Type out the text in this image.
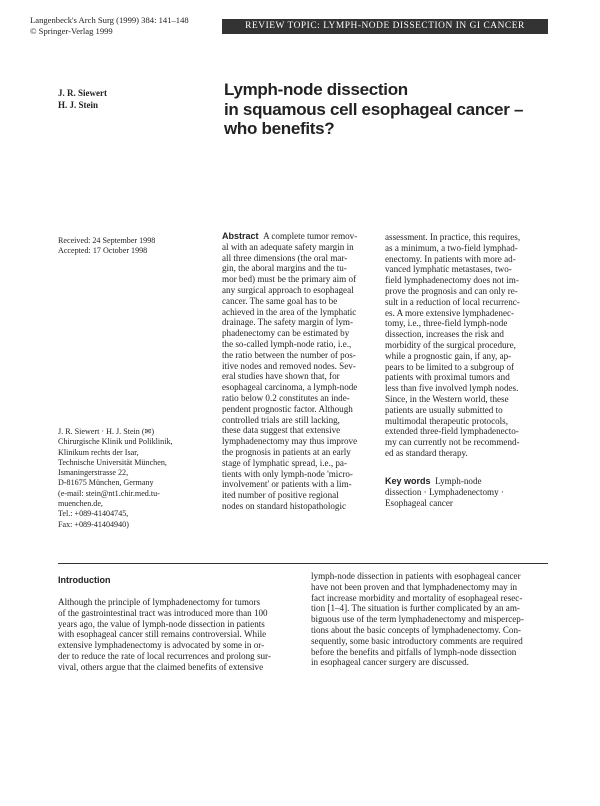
Langenbeck's Arch Surg (1999) 384: 141–148
© Springer-Verlag 1999	REVIEW TOPIC: LYMPH-NODE DISSECTION IN GI CANCER
J. R. Siewert
H. J. Stein
Lymph-node dissection
in squamous cell esophageal cancer –
who benefits?
Received: 24 September 1998
Accepted: 17 October 1998
J. R. Siewert · H. J. Stein (✉)
Chirurgische Klinik und Poliklinik,
Klinikum rechts der Isar,
Technische Universität München,
Ismaningerstrasse 22,
D-81675 München, Germany
(e-mail: stein@nt1.chir.med.tu-
muenchen.de,
Tel.: +089-41404745,
Fax: +089-41404940)
Abstract A complete tumor remov-
al with an adequate safety margin in
all three dimensions (the oral mar-
gin, the aboral margins and the tu-
mor bed) must be the primary aim of
any surgical approach to esophageal
cancer. The same goal has to be
achieved in the area of the lymphatic
drainage. The safety margin of lym-
phadenectomy can be estimated by
the so-called lymph-node ratio, i.e.,
the ratio between the number of pos-
itive nodes and removed nodes. Sev-
eral studies have shown that, for
esophageal carcinoma, a lymph-node
ratio below 0.2 constitutes an inde-
pendent prognostic factor. Although
controlled trials are still lacking,
these data suggest that extensive
lymphadenectomy may thus improve
the prognosis in patients at an early
stage of lymphatic spread, i.e., pa-
tients with only lymph-node 'micro-
involvement' or patients with a lim-
ited number of positive regional
nodes on standard histopathologic
assessment. In practice, this requires,
as a minimum, a two-field lymphad-
enectomy. In patients with more ad-
vanced lymphatic metastases, two-
field lymphadenectomy does not im-
prove the prognosis and can only re-
sult in a reduction of local recurrenc-
es. A more extensive lymphadenec-
tomy, i.e., three-field lymph-node
dissection, increases the risk and
morbidity of the surgical procedure,
while a prognostic gain, if any, ap-
pears to be limited to a subgroup of
patients with proximal tumors and
less than five involved lymph nodes.
Since, in the Western world, these
patients are usually submitted to
multimodal therapeutic protocols,
extended three-field lymphadenecto-
my can currently not be recommend-
ed as standard therapy.
Key words Lymph-node
dissection · Lymphadenectomy ·
Esophageal cancer
Introduction
Although the principle of lymphadenectomy for tumors
of the gastrointestinal tract was introduced more than 100
years ago, the value of lymph-node dissection in patients
with esophageal cancer still remains controversial. While
extensive lymphadenectomy is advocated by some in or-
der to reduce the rate of local recurrences and prolong sur-
vival, others argue that the claimed benefits of extensive
lymph-node dissection in patients with esophageal cancer
have not been proven and that lymphadenectomy may in
fact increase morbidity and mortality of esophageal resec-
tion [1–4]. The situation is further complicated by an am-
biguous use of the term lymphadenectomy and mispercep-
tions about the basic concepts of lymphadenectomy. Con-
sequently, some basic introductory comments are required
before the benefits and pitfalls of lymph-node dissection
in esophageal cancer surgery are discussed.
